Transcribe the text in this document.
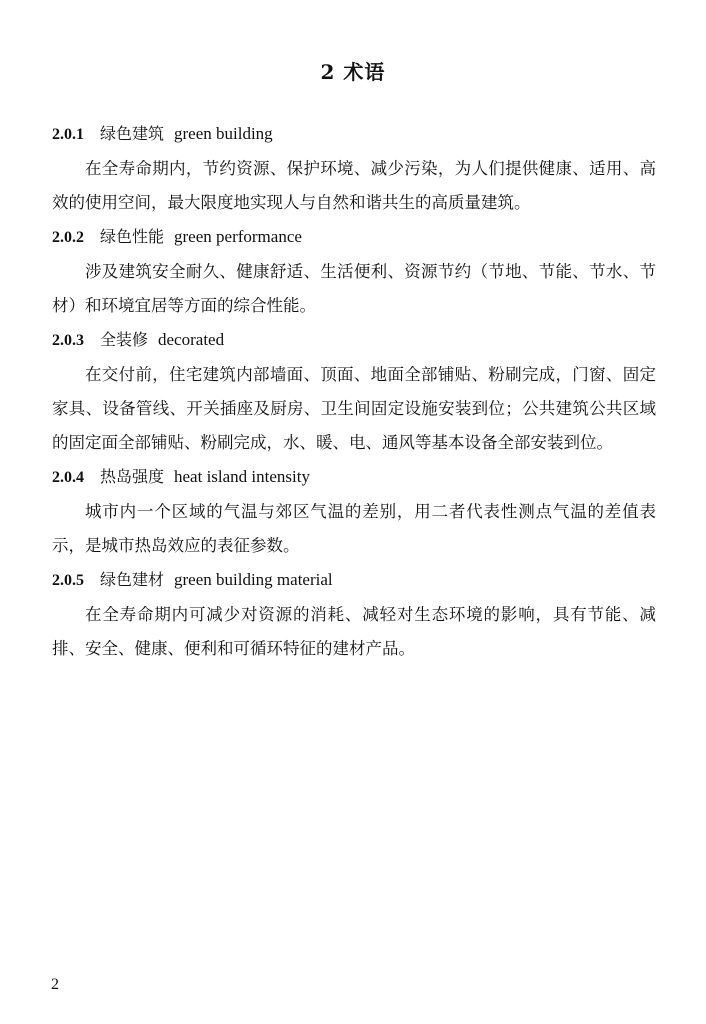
2 术语
2.0.1 绿色建筑 green building

在全寿命期内，节约资源、保护环境、减少污染，为人们提供健康、适用、高效的使用空间，最大限度地实现人与自然和谐共生的高质量建筑。

2.0.2 绿色性能 green performance

涉及建筑安全耐久、健康舒适、生活便利、资源节约（节地、节能、节水、节材）和环境宜居等方面的综合性能。

2.0.3 全装修 decorated

在交付前，住宅建筑内部墙面、顶面、地面全部铺贴、粉刷完成，门窗、固定家具、设备管线、开关插座及厨房、卫生间固定设施安装到位；公共建筑公共区域的固定面全部铺贴、粉刷完成，水、暖、电、通风等基本设备全部安装到位。

2.0.4 热岛强度 heat island intensity

城市内一个区域的气温与郊区气温的差别，用二者代表性测点气温的差值表示，是城市热岛效应的表征参数。

2.0.5 绿色建材 green building material

在全寿命期内可减少对资源的消耗、减轻对生态环境的影响，具有节能、减排、安全、健康、便利和可循环特征的建材产品。

2
